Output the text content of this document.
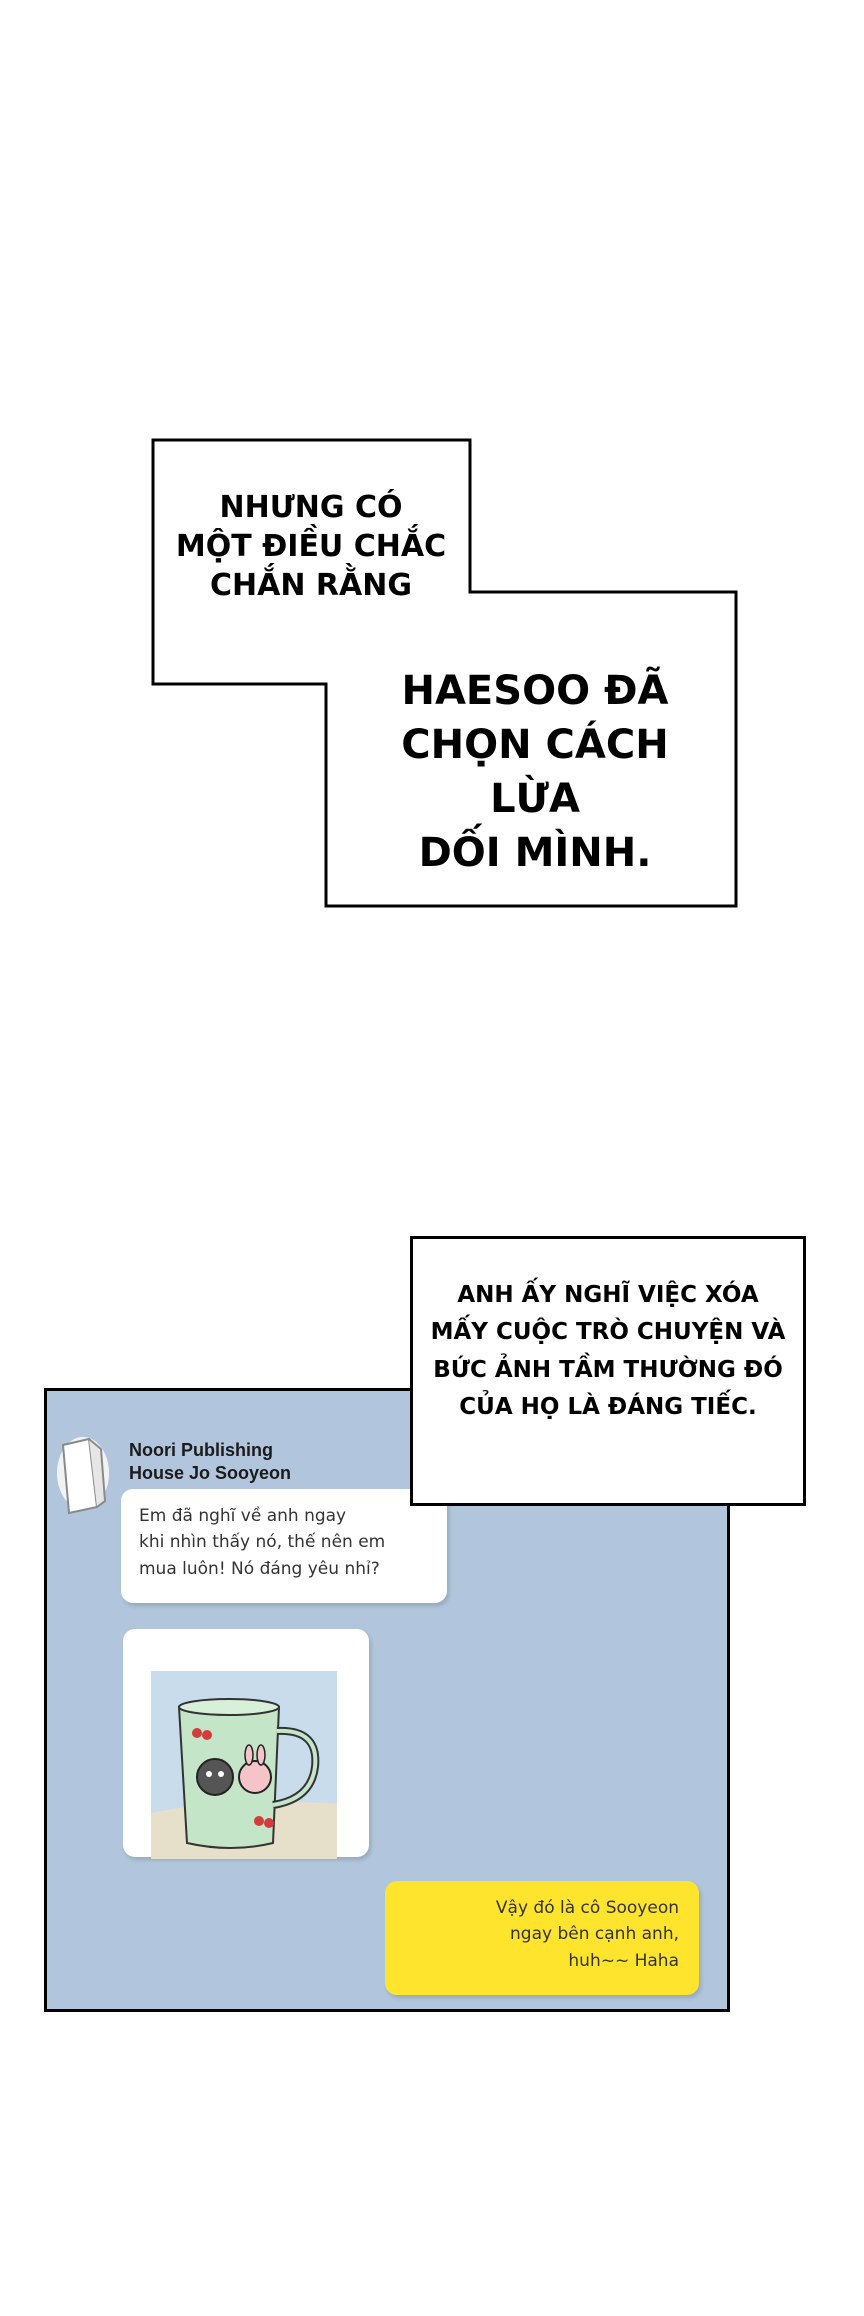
NHƯNG CÓ
MỘT ĐIỀU CHẮC
CHẮN RẰNG
HAESOO ĐÃ
CHỌN CÁCH LỪA
DỐI MÌNH.
Noori Publishing
House Jo Sooyeon
Em đã nghĩ về anh ngay
khi nhìn thấy nó, thế nên em
mua luôn! Nó đáng yêu nhỉ?

Vậy đó là cô Sooyeon
ngay bên cạnh anh,
huh~~ Haha
ANH ẤY NGHĨ VIỆC XÓA
MẤY CUỘC TRÒ CHUYỆN VÀ
BỨC ẢNH TẦM THƯỜNG ĐÓ
CỦA HỌ LÀ ĐÁNG TIẾC.
